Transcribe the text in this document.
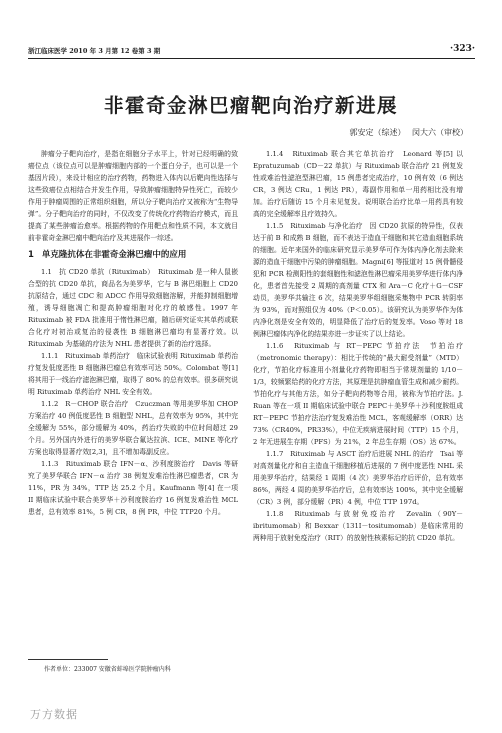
浙江临床医学 2010 年 3 月第 12 卷第 3 期	·323·
非霍奇金淋巴瘤靶向治疗新进展
郭安定（综述） 闵大六（审校）

肿瘤分子靶向治疗，是指在细胞分子水平上，针对已经明确的致癌位点（该位点可以是肿瘤细胞内部的一个蛋白分子，也可以是一个基因片段），来设计相应的治疗药物，药物进入体内以后靶向性选择与这些致癌位点相结合并发生作用，导致肿瘤细胞特异性死亡，而较少作用于肿瘤周围的正常组织细胞，所以分子靶向治疗又被称为“生物导弹”。分子靶向治疗的同时，不仅改变了传统化疗药物治疗模式，而且提高了某些肿瘤治愈率。根据药物的作用靶点和性质不同，本文就目前非霍奇金淋巴瘤中靶向治疗及其进展作一综述。

1 单克隆抗体在非霍奇金淋巴瘤中的应用

1.1　抗 CD20 单抗（Rituximab）　Rituximab 是一种人鼠嵌合型的抗 CD20 单抗，商品名为美罗华，它与 B 淋巴细胞上 CD20 抗原结合，通过 CDC 和 ADCC 作用导致细胞溶解，并能抑制细胞增殖，诱导细胞凋亡和提高肿瘤细胞对化疗的敏感性。1997 年 Rituximab 被 FDA 批准用于惰性淋巴瘤，随后研究证实其单药或联合化疗对初治或复治的侵袭性 B 细胞淋巴瘤均有显著疗效。以 Rituximab 为基础的疗法为 NHL 患者提供了新的治疗选择。

1.1.1　Rituximab 单药治疗　临床试验表明 Rituximab 单药治疗复发低度恶性 B 细胞淋巴瘤总有效率可达 50%。Colombat 等[1] 将其用于一线治疗滤泡淋巴瘤，取得了 80% 的总有效率。很多研究说明 Rituximab 单药治疗 NHL 安全有效。

1.1.2　R－CHOP 联合治疗　Czuczman 等用美罗华加 CHOP 方案治疗 40 例低度恶性 B 细胞型 NHL，总有效率为 95%，其中完全缓解为 55%，部分缓解为 40%，药治疗失败的中位时间超过 29 个月。另外国内外进行的美罗华联合氟达拉滨、ICE、MINE 等化疗方案也取得显著疗效[2,3]，且不增加毒副反应。

1.1.3　Rituximab 联合 IFN－α、沙利度胺治疗　Davis 等研究了美罗华联合 IFN－α 治疗 38 例复发难治性淋巴瘤患者，CR 为 11%，PR 为 34%，TTP 达 25.2 个月。Kaufmann 等[4] 在一项 II 期临床试验中联合美罗华＋沙利度胺治疗 16 例复发难治性 MCL 患者，总有效率 81%，5 例 CR，8 例 PR，中位 TTP20 个月。

1.1.4　Rituximab 联合其它单抗治疗　Leonard 等[5] 以 Epratuzumab（CD－22 单抗）与 Rituximab 联合治疗 21 例复发性或难治性滤泡型淋巴瘤，15 例患者完成治疗，10 例有效（6 例达 CR，3 例达 CRu，1 例达 PR），毒副作用和单一用药相比没有增加。治疗后随访 15 个月未见复发。说明联合治疗比单一用药具有较高的完全缓解率且疗效持久。

1.1.5　Rituximab 与净化治疗　因 CD20 抗原的特异性，仅表达于前 B 和成熟 B 细胞，而不表达于造血干细胞和其它造血细胞系统的细胞。近年来国外的临床研究显示美罗华可作为体内净化剂去除来源的造血干细胞中污染的肿瘤细胞。Magni[6] 等报道对 15 例骨髓侵犯和 PCR 检测阳性的套细胞性和滤泡性淋巴瘤采用美罗华进行体内净化，患者首先接受 2 周期的高剂量 CTX 和 Ara－C 化疗＋G－CSF 动员，美罗华共输注 6 次，结果美罗华组细胞采集物中 PCR 转阴率为 93%，而对照组仅为 40%（P＜0.05）。该研究认为美罗华作为体内净化剂是安全有效的，明显降低了治疗后的复发率。Voso 等对 18 例淋巴瘤体内净化的结果亦进一步证实了以上结论。

1.1.6　Rituximab 与 RT－PEPC 节拍疗法　节拍治疗（metronomic therapy）：相比于传统的“最大耐受剂量”（MTD）化疗，节拍化疗标准用小剂量化疗药物即相当于常规剂量的 1/10－1/3，较频繁给药的化疗方法，其原理是抗肿瘤血管生成和减少耐药。节拍化疗与其他方法，如分子靶向药物等合用，被称为节拍疗法。J. Ruan 等在一项 II 期临床试验中联合 PEPC＋美罗华＋沙利度胺组成 RT－PEPC 节拍疗法治疗复发难治性 MCL，客观缓解率（ORR）达 73%（CR40%，PR33%），中位无疾病进展时间（TTP）15 个月，2 年无进展生存期（PFS）为 21%，2 年总生存期（OS）达 67%。

1.1.7　Rituximab 与 ASCT 治疗后进展 NHL 的治疗　Tsai 等对高剂量化疗和自主造血干细胞移植后进展的 7 例中度恶性 NHL 采用美罗华治疗，结果经 1 周期（4 次）美罗华治疗后评价，总有效率 86%，两经 4 周的美罗华治疗后，总有效率达 100%，其中完全缓解（CR）3 例，部分缓解（PR）4 例，中位 TTP 197d。

1.1.8　Rituximab 与放射免疫治疗　Zevalin（90Y－ibritumomab）和 Bexxar（131I－tositumomab）是临床常用的两种用于放射免疫治疗（RIT）的放射性核素标记的抗 CD20 单抗。

作者单位：233007 安徽省蚌埠医学院肿瘤内科
万方数据
